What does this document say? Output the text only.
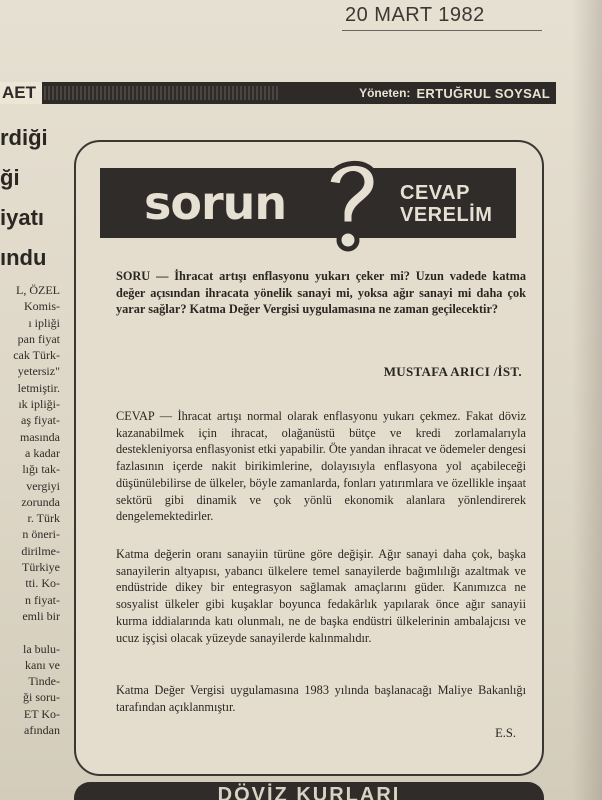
20 MART 1982
AET	Yöneten: ERTUĞRUL SOYSAL
rdiği
ği
iyatı
ındu
L, ÖZEL
Komis-
ı ipliği
pan fiyat
cak Türk-
yetersiz"
letmiştir.
ık ipliği-
aş fiyat-
masında
a kadar
lığı tak-
vergiyi
zorunda
r. Türk
n öneri-
dirilme-
Türkiye
tti. Ko-
n fiyat-
emli bir

la bulu-
kanı ve
Tinde-
ği soru-
ET Ko-
afından
sorun	CEVAP
VERELİM
SORU — İhracat artışı enflasyonu yukarı çeker mi? Uzun vadede katma değer açısından ihracata yönelik sanayi mi, yoksa ağır sanayi mi daha çok yarar sağlar? Katma Değer Vergisi uygulamasına ne zaman geçilecektir?
MUSTAFA ARICI /İST.
CEVAP — İhracat artışı normal olarak enflasyonu yukarı çekmez. Fakat döviz kazanabilmek için ihracat, olağanüstü bütçe ve kredi zorlamalarıyla destekleniyorsa enflasyonist etki yapabilir. Öte yandan ihracat ve ödemeler dengesi fazlasının içerde nakit birikimlerine, dolayısıyla enflasyona yol açabileceği düşünülebilirse de ülkeler, böyle zamanlarda, fonları yatırımlara ve özellikle inşaat sektörü gibi dinamik ve çok yönlü ekonomik alanlara yönlendirerek dengelemektedirler.
Katma değerin oranı sanayiin türüne göre değişir. Ağır sanayi daha çok, başka sanayilerin altyapısı, yabancı ülkelere temel sanayilerde bağımlılığı azaltmak ve endüstride dikey bir entegrasyon sağlamak amaçlarını güder. Kanımızca ne sosyalist ülkeler gibi kuşaklar boyunca fedakârlık yapılarak önce ağır sanayii kurma iddialarında katı olunmalı, ne de başka endüstri ülkelerinin ambalajcısı ve ucuz işçisi olacak yüzeyde sanayilerde kalınmalıdır.
Katma Değer Vergisi uygulamasına 1983 yılında başlanacağı Maliye Bakanlığı tarafından açıklanmıştır.
E.S.
DÖVİZ KURLARI
